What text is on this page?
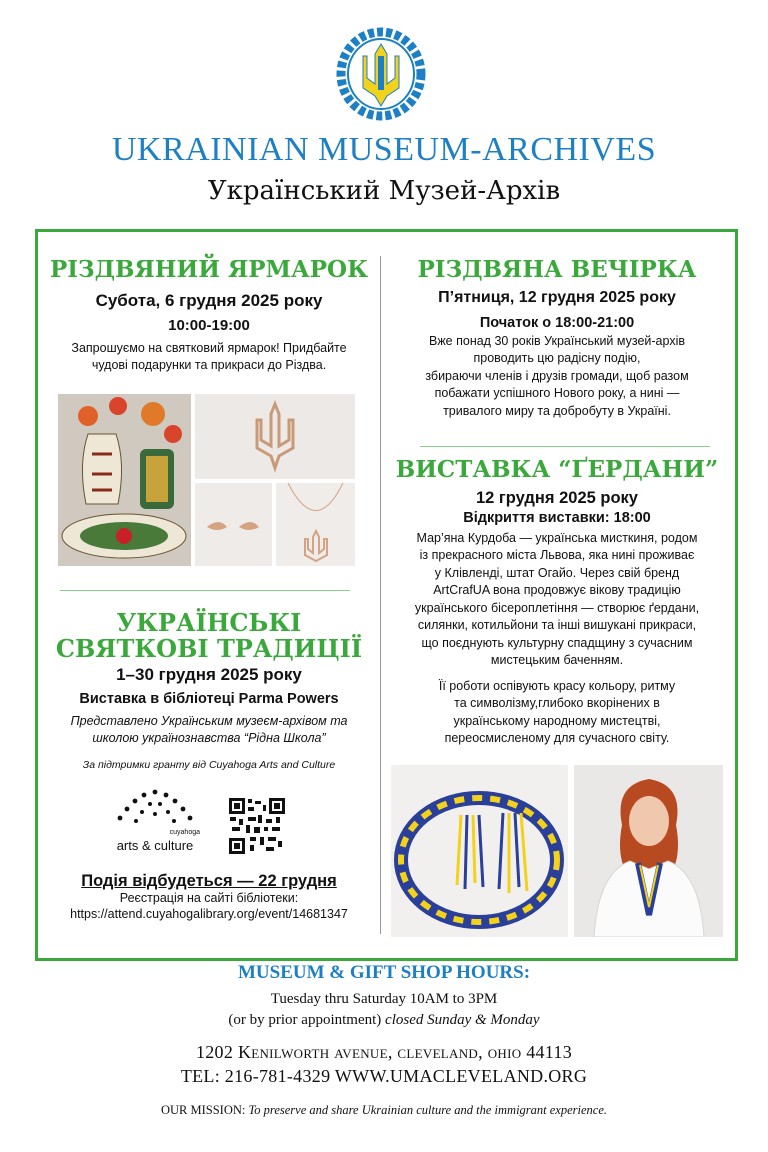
UKRAINIAN MUSEUM-ARCHIVES
Український Музей-Архів
РІЗДВЯНИЙ ЯРМАРОК
Субота, 6 грудня 2025 року
10:00-19:00
Запрошуємо на святковий ярмарок! Придбайте
чудові подарунки та прикраси до Різдва.
УКРАЇНСЬКІ
СВЯТКОВІ ТРАДИЦІЇ
1–30 грудня 2025 року
Виставка в бібліотеці Parma Powers
Представлено Українським музеєм-архівом та
школою українознавства “Рідна Школа”
За підтримки гранту від Cuyahoga Arts and Culture
cuyahoga
arts & culture
Подія відбудеться — 22 грудня
Реєстрація на сайті бібліотеки:
https://attend.cuyahogalibrary.org/event/14681347
РІЗДВЯНА ВЕЧІРКА
П’ятниця, 12 грудня 2025 року
Початок о 18:00-21:00
Вже понад 30 років Український музей-архів
проводить цю радісну подію,
збираючи членів і друзів громади, щоб разом
побажати успішного Нового року, а нині —
тривалого миру та добробуту в Україні.
ВИСТАВКА “ҐЕРДАНИ”
12 грудня 2025 року
Відкриття виставки: 18:00
Мар’яна Курдоба — українська мисткиня, родом
із прекрасного міста Львова, яка нині проживає
у Клівленді, штат Огайо. Через свій бренд
ArtCrafUA вона продовжує вікову традицію
українського бісероплетіння — створює ґердани,
силянки, котильйони та інші вишукані прикраси,
що поєднують культурну спадщину з сучасним
мистецьким баченням.
Її роботи оспівують красу кольору, ритму
та символізму,глибоко вкорінених в
українському народному мистецтві,
переосмисленому для сучасного світу.
MUSEUM & GIFT SHOP HOURS:
Tuesday thru Saturday 10AM to 3PM
(or by prior appointment) closed Sunday & Monday
1202 Kenilworth avenue, cleveland, ohio 44113
TEL: 216-781-4329 WWW.UMACLEVELAND.ORG
OUR MISSION: To preserve and share Ukrainian culture and the immigrant experience.
